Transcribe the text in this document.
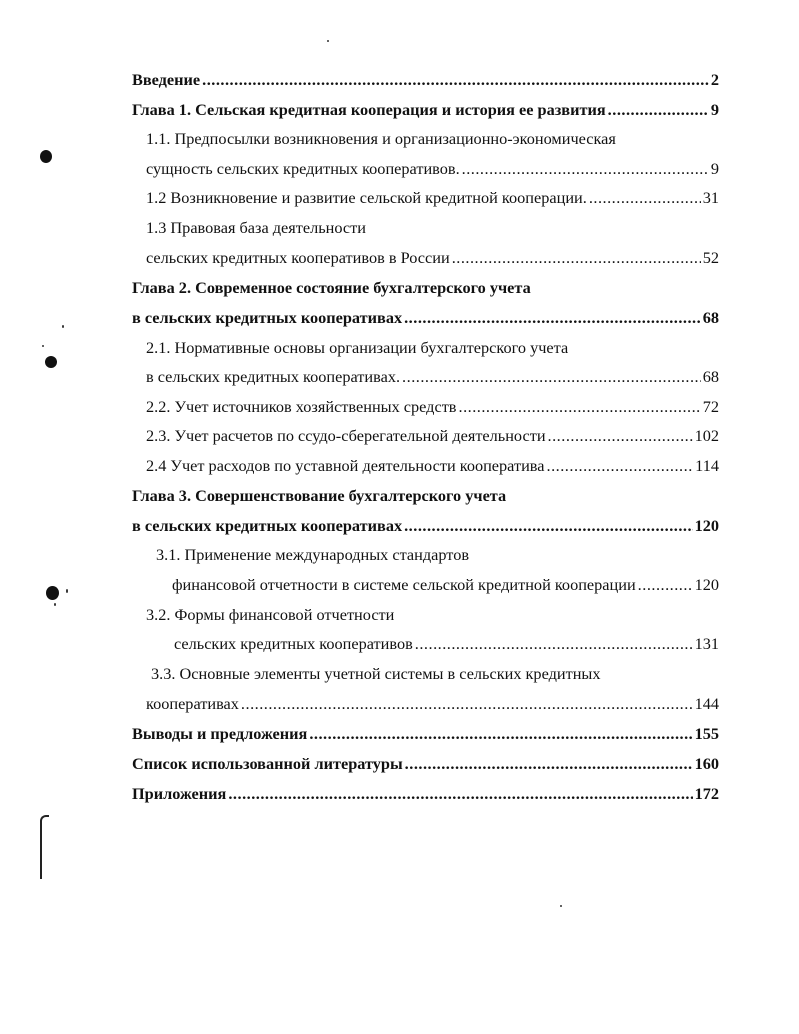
Введение .....	2
Глава 1. Сельская кредитная кооперация и история ее развития .....	9
1.1. Предпосылки возникновения и организационно-экономическая
сущность сельских кредитных кооперативов. .....	9
1.2 Возникновение и развитие сельской кредитной кооперации. .....	31
1.3 Правовая база деятельности
сельских кредитных кооперативов в России .....	52
Глава 2. Современное состояние бухгалтерского учета
в сельских кредитных кооперативах .....	68
2.1. Нормативные основы организации бухгалтерского учета
в сельских кредитных кооперативах. .....	68
2.2. Учет источников хозяйственных средств .....	72
2.3. Учет расчетов по ссудо-сберегательной деятельности .....	102
2.4 Учет расходов по уставной деятельности кооператива .....	114
Глава 3. Совершенствование бухгалтерского учета
в сельских кредитных кооперативах .....	120
3.1. Применение международных стандартов
финансовой отчетности в системе сельской кредитной кооперации .....	120
3.2. Формы финансовой отчетности
сельских кредитных кооперативов .....	131
3.3. Основные элементы учетной системы в сельских кредитных
кооперативах .....	144
Выводы и предложения .....	155
Список использованной литературы .....	160
Приложения .....	172
